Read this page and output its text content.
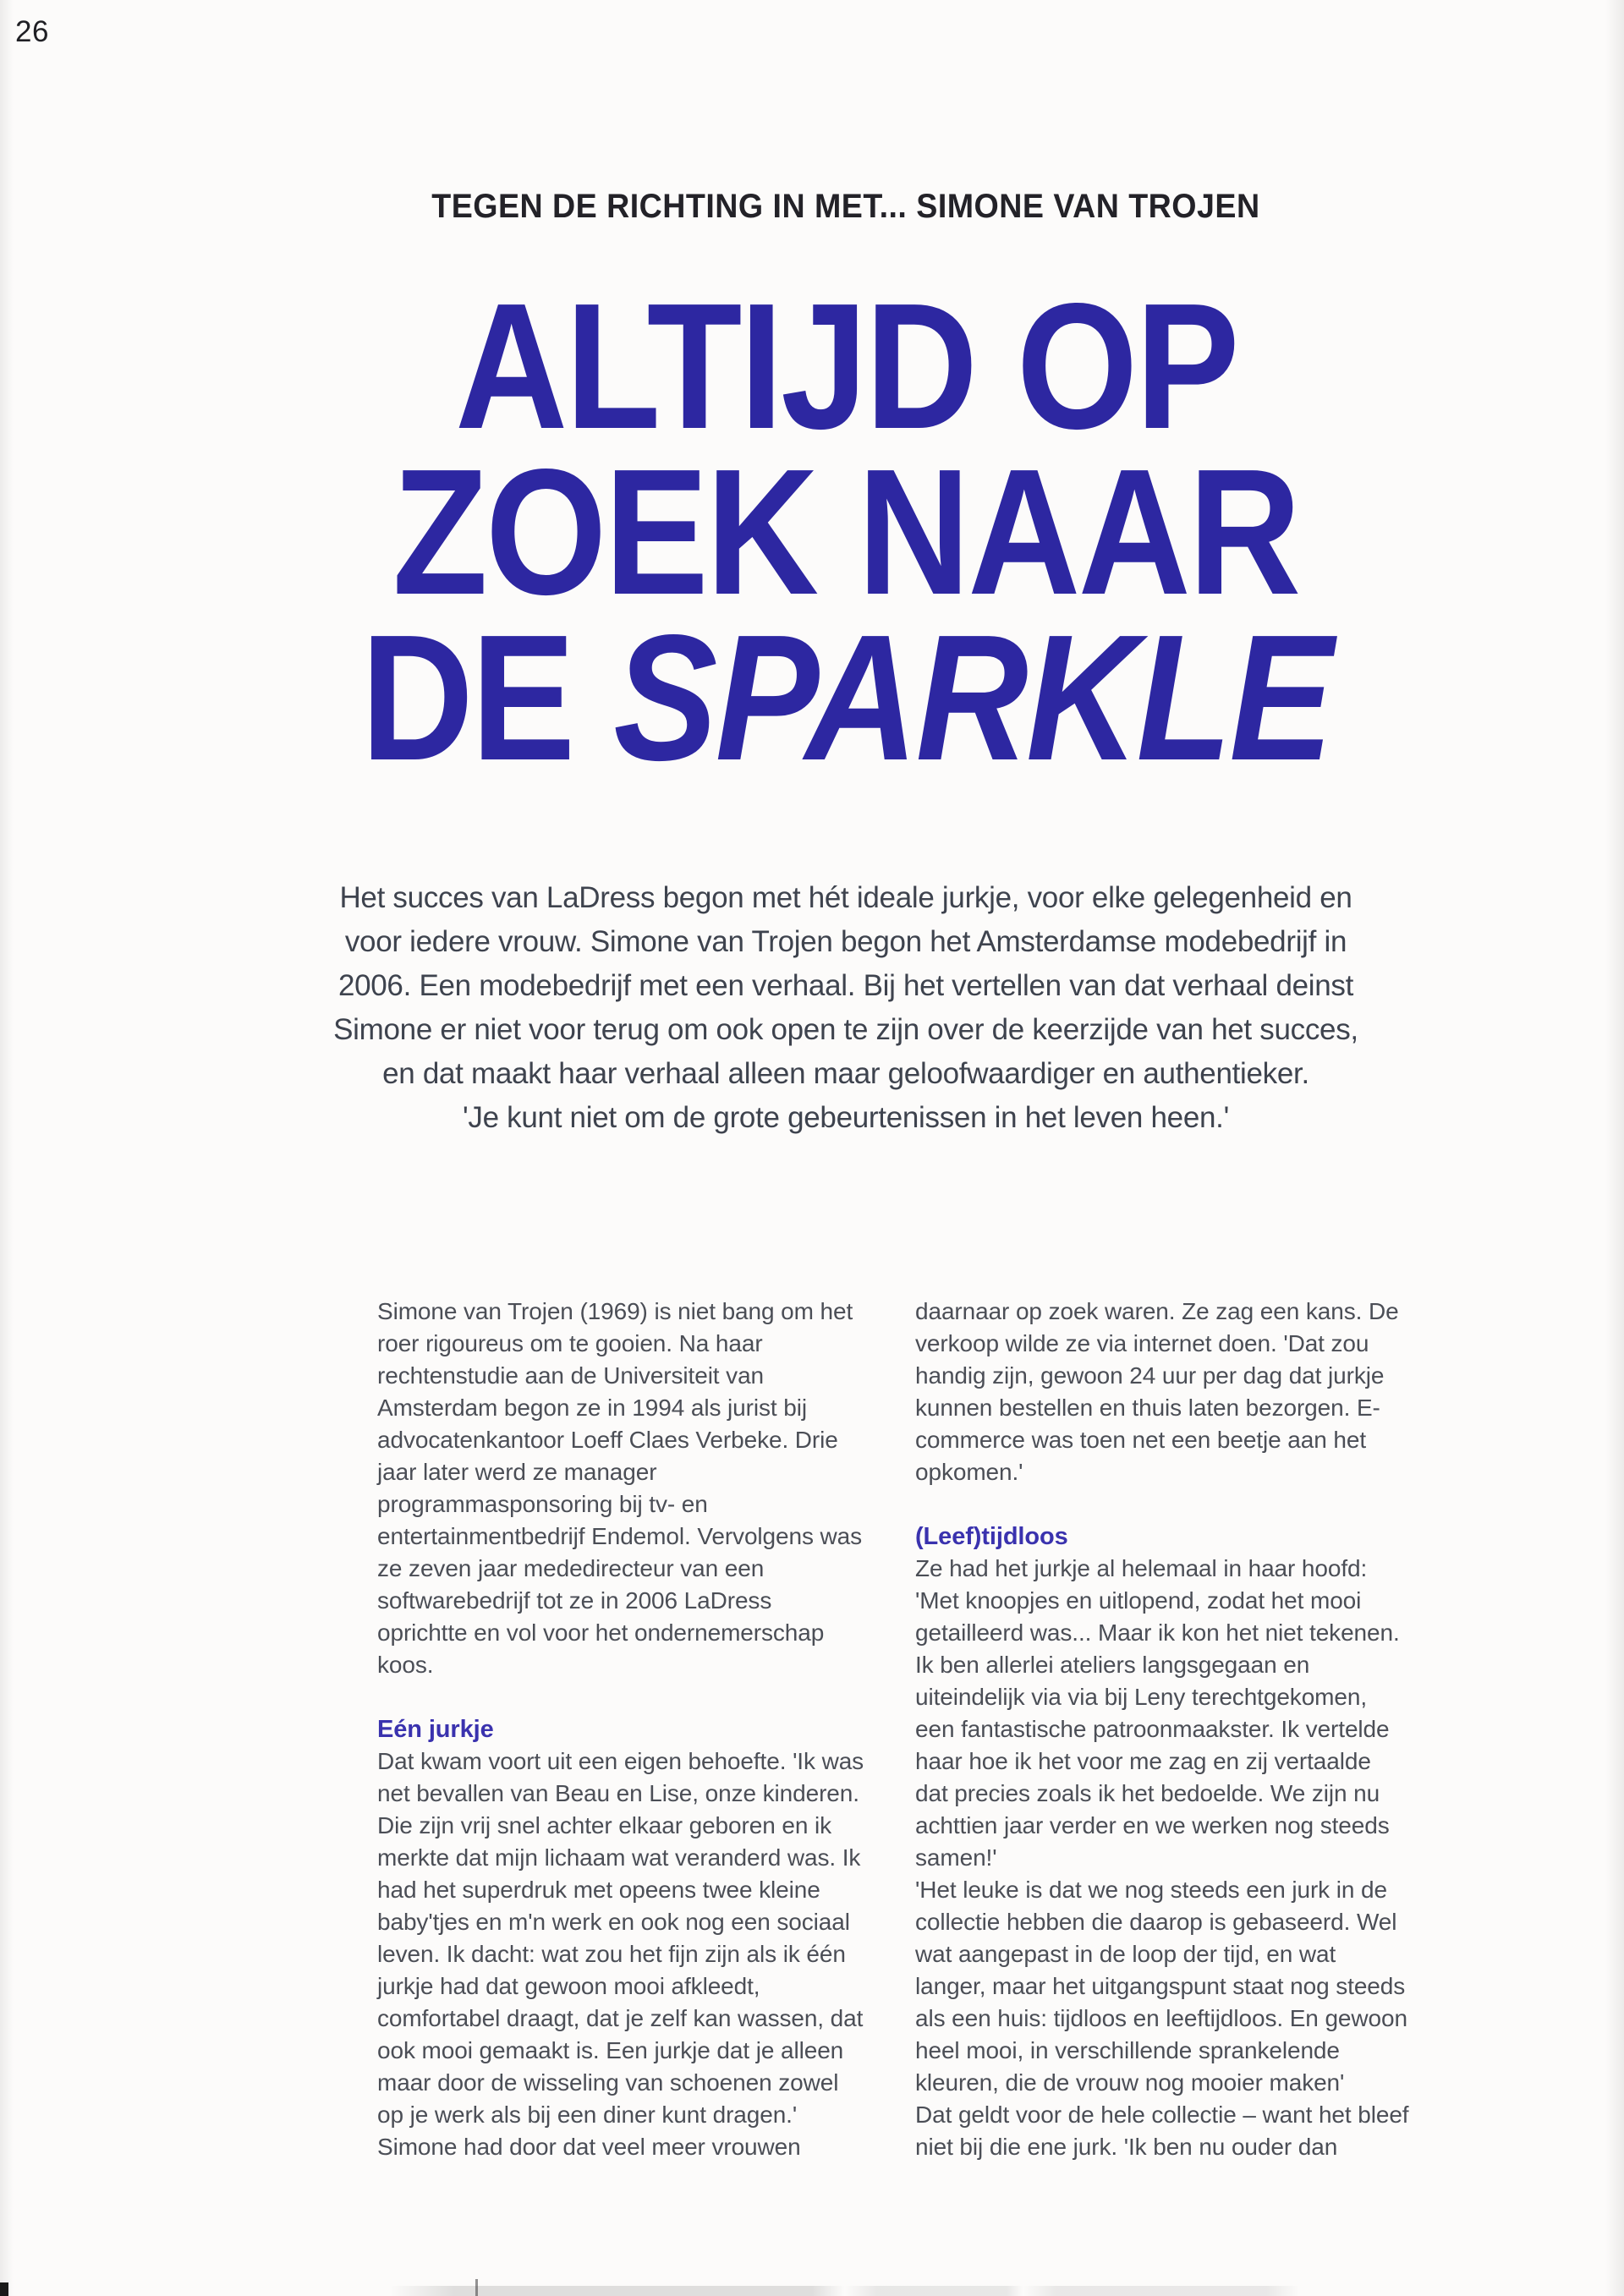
26
TEGEN DE RICHTING IN MET... SIMONE VAN TROJEN
ALTIJD OP
ZOEK NAAR
DE SPARKLE
Het succes van LaDress begon met hét ideale jurkje, voor elke gelegenheid en
voor iedere vrouw. Simone van Trojen begon het Amsterdamse modebedrijf in
2006. Een modebedrijf met een verhaal. Bij het vertellen van dat verhaal deinst
Simone er niet voor terug om ook open te zijn over de keerzijde van het succes,
en dat maakt haar verhaal alleen maar geloofwaardiger en authentieker.
'Je kunt niet om de grote gebeurtenissen in het leven heen.'

Simone van Trojen (1969) is niet bang om het roer rigoureus om te gooien. Na haar rechtenstudie aan de Universiteit van Amsterdam begon ze in 1994 als jurist bij advocatenkantoor Loeff Claes Verbeke. Drie jaar later werd ze manager programmasponsoring bij tv- en entertainmentbedrijf Endemol. Vervolgens was ze zeven jaar mededirecteur van een softwarebedrijf tot ze in 2006 LaDress oprichtte en vol voor het ondernemerschap koos.

Eén jurkje

Dat kwam voort uit een eigen behoefte. 'Ik was net bevallen van Beau en Lise, onze kinderen. Die zijn vrij snel achter elkaar geboren en ik merkte dat mijn lichaam wat veranderd was. Ik had het superdruk met opeens twee kleine baby'tjes en m'n werk en ook nog een sociaal leven. Ik dacht: wat zou het fijn zijn als ik één jurkje had dat gewoon mooi afkleedt, comfortabel draagt, dat je zelf kan wassen, dat ook mooi gemaakt is. Een jurkje dat je alleen maar door de wisseling van schoenen zowel op je werk als bij een diner kunt dragen.'

Simone had door dat veel meer vrouwen

daarnaar op zoek waren. Ze zag een kans. De verkoop wilde ze via internet doen. 'Dat zou handig zijn, gewoon 24 uur per dag dat jurkje kunnen bestellen en thuis laten bezorgen. E-commerce was toen net een beetje aan het opkomen.'

(Leef)tijdloos

Ze had het jurkje al helemaal in haar hoofd: 'Met knoopjes en uitlopend, zodat het mooi getailleerd was... Maar ik kon het niet tekenen. Ik ben allerlei ateliers langsgegaan en uiteindelijk via via bij Leny terechtgekomen, een fantastische patroonmaakster. Ik vertelde haar hoe ik het voor me zag en zij vertaalde dat precies zoals ik het bedoelde. We zijn nu achttien jaar verder en we werken nog steeds samen!'

'Het leuke is dat we nog steeds een jurk in de collectie hebben die daarop is gebaseerd. Wel wat aangepast in de loop der tijd, en wat langer, maar het uitgangspunt staat nog steeds als een huis: tijdloos en leeftijdloos. En gewoon heel mooi, in verschillende sprankelende kleuren, die de vrouw nog mooier maken'

Dat geldt voor de hele collectie – want het bleef niet bij die ene jurk. 'Ik ben nu ouder dan
